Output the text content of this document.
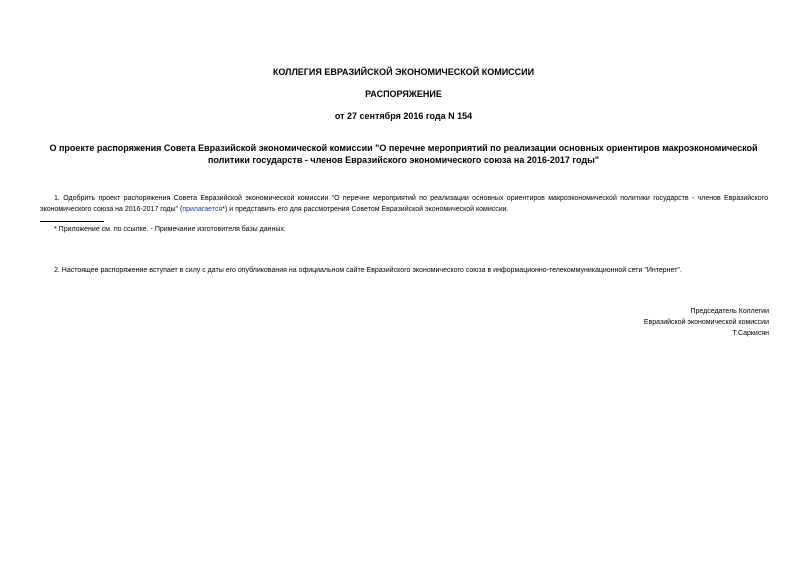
КОЛЛЕГИЯ ЕВРАЗИЙСКОЙ ЭКОНОМИЧЕСКОЙ КОМИССИИ
РАСПОРЯЖЕНИЕ
от 27 сентября 2016 года N 154
О проекте распоряжения Совета Евразийской экономической комиссии "О перечне мероприятий по реализации основных ориентиров макроэкономической политики государств - членов Евразийского экономического союза на 2016-2017 годы"
1. Одобрить проект распоряжения Совета Евразийской экономической комиссии "О перечне мероприятий по реализации основных ориентиров макроэкономической политики государств - членов Евразийского экономического союза на 2016-2017 годы" (прилагается*) и представить его для рассмотрения Советом Евразийской экономической комиссии.
* Приложение см. по ссылке. - Примечание изготовителя базы данных.
2. Настоящее распоряжение вступает в силу с даты его опубликования на официальном сайте Евразийского экономического союза в информационно-телекоммуникационной сети "Интернет".
Председатель Коллегии
Евразийской экономической комиссии
Т.Саркисян
